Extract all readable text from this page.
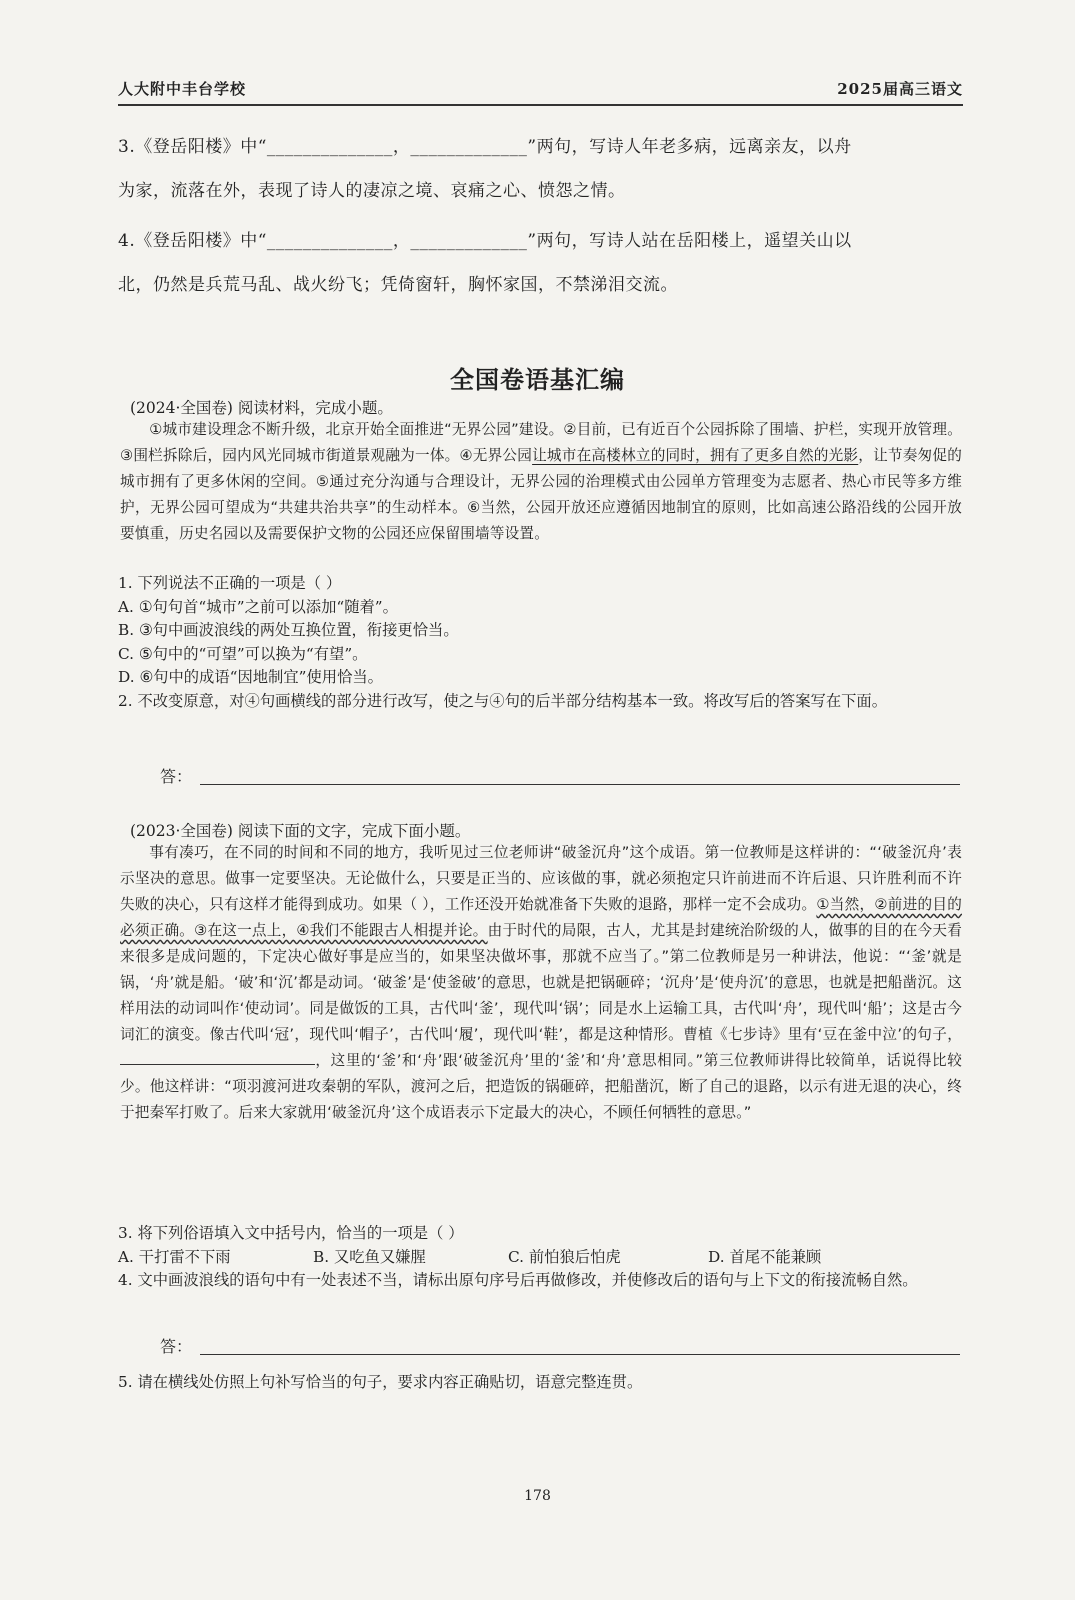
人大附中丰台学校	2025届高三语文
3.《登岳阳楼》中“______________，_____________”两句，写诗人年老多病，远离亲友，以舟
为家，流落在外，表现了诗人的凄凉之境、哀痛之心、愤怨之情。
4.《登岳阳楼》中“______________，_____________”两句，写诗人站在岳阳楼上，遥望关山以
北，仍然是兵荒马乱、战火纷飞；凭倚窗轩，胸怀家国，不禁涕泪交流。
全国卷语基汇编
(2024·全国卷) 阅读材料，完成小题。
①城市建设理念不断升级，北京开始全面推进“无界公园”建设。②目前，已有近百个公园拆除了围墙、护栏，实现开放管理。③围栏拆除后，园内风光同城市街道景观融为一体。④无界公园让城市在高楼林立的同时，拥有了更多自然的光影，让节奏匆促的城市拥有了更多休闲的空间。⑤通过充分沟通与合理设计，无界公园的治理模式由公园单方管理变为志愿者、热心市民等多方维护，无界公园可望成为“共建共治共享”的生动样本。⑥当然，公园开放还应遵循因地制宜的原则，比如高速公路沿线的公园开放要慎重，历史名园以及需要保护文物的公园还应保留围墙等设置。
1. 下列说法不正确的一项是（ ）
A. ①句句首“城市”之前可以添加“随着”。
B. ③句中画波浪线的两处互换位置，衔接更恰当。
C. ⑤句中的“可望”可以换为“有望”。
D. ⑥句中的成语“因地制宜”使用恰当。
2. 不改变原意，对④句画横线的部分进行改写，使之与④句的后半部分结构基本一致。将改写后的答案写在下面。
答：
(2023·全国卷) 阅读下面的文字，完成下面小题。
事有凑巧，在不同的时间和不同的地方，我听见过三位老师讲“破釜沉舟”这个成语。第一位教师是这样讲的：“‘破釜沉舟’表示坚决的意思。做事一定要坚决。无论做什么，只要是正当的、应该做的事，就必须抱定只许前进而不许后退、只许胜利而不许失败的决心，只有这样才能得到成功。如果（ ），工作还没开始就准备下失败的退路，那样一定不会成功。①当然，②前进的目的必须正确。③在这一点上，④我们不能跟古人相提并论。由于时代的局限，古人，尤其是封建统治阶级的人，做事的目的在今天看来很多是成问题的，下定决心做好事是应当的，如果坚决做坏事，那就不应当了。”第二位教师是另一种讲法，他说：“‘釜’就是锅，‘舟’就是船。‘破’和‘沉’都是动词。‘破釜’是‘使釜破’的意思，也就是把锅砸碎；‘沉舟’是‘使舟沉’的意思，也就是把船凿沉。这样用法的动词叫作‘使动词’。同是做饭的工具，古代叫‘釜’，现代叫‘锅’；同是水上运输工具，古代叫‘舟’，现代叫‘船’；这是古今词汇的演变。像古代叫‘冠’，现代叫‘帽子’，古代叫‘履’，现代叫‘鞋’，都是这种情形。曹植《七步诗》里有‘豆在釜中泣’的句子，，这里的‘釜’和‘舟’跟‘破釜沉舟’里的‘釜’和‘舟’意思相同。”第三位教师讲得比较简单，话说得比较少。他这样讲：“项羽渡河进攻秦朝的军队，渡河之后，把造饭的锅砸碎，把船凿沉，断了自己的退路，以示有进无退的决心，终于把秦军打败了。后来大家就用‘破釜沉舟’这个成语表示下定最大的决心，不顾任何牺牲的意思。”
3. 将下列俗语填入文中括号内，恰当的一项是（ ）
A. 干打雷不下雨	B. 又吃鱼又嫌腥	C. 前怕狼后怕虎	D. 首尾不能兼顾
4. 文中画波浪线的语句中有一处表述不当，请标出原句序号后再做修改，并使修改后的语句与上下文的衔接流畅自然。
答：
5. 请在横线处仿照上句补写恰当的句子，要求内容正确贴切，语意完整连贯。
178
